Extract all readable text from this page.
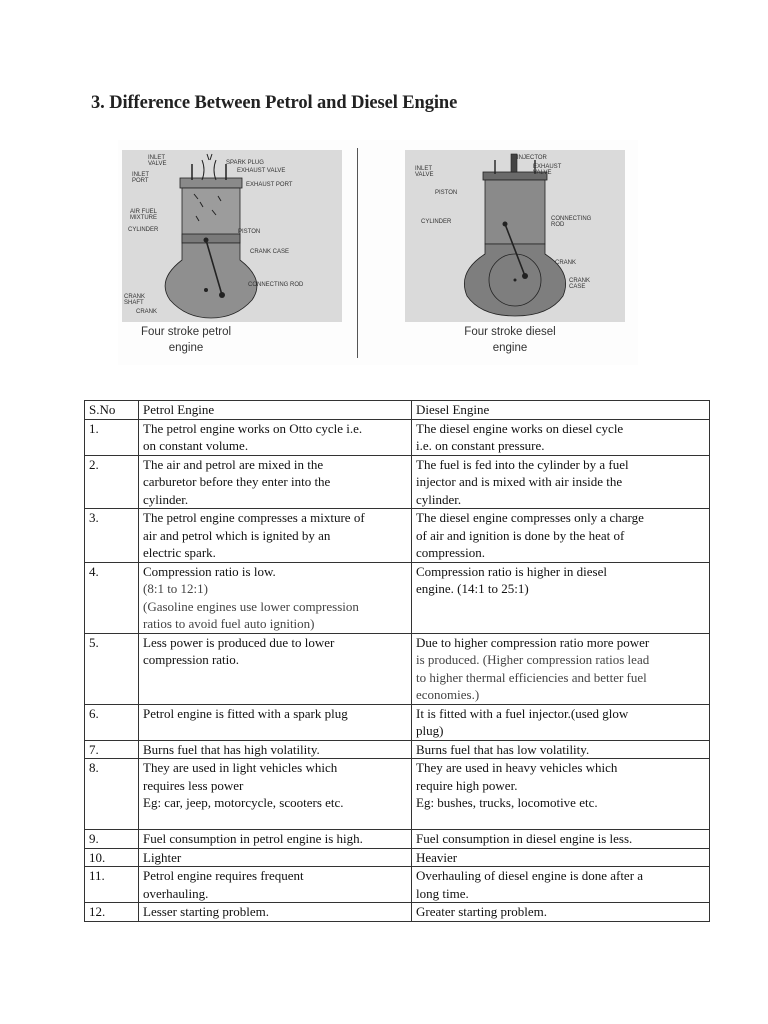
3. Difference Between Petrol and Diesel Engine
INLET
VALVE	SPARK PLUG
EXHAUST VALVE
INLET
PORT
EXHAUST PORT
AIR FUEL
MIXTURE
CYLINDER	PISTON
CRANK CASE
CONNECTING ROD
CRANK
SHAFT
CRANK
INJECTOR
EXHAUST
VALVE
INLET
VALVE
PISTON
CYLINDER	CONNECTING
ROD
CRANK
CRANK
CASE
Four stroke petrol
engine
Four stroke diesel
engine
S.No	Petrol Engine	Diesel Engine
1.	The petrol engine works on Otto cycle i.e.
on constant volume.	The diesel engine works on diesel cycle
i.e. on constant pressure.

2.	The air and petrol are mixed in the
carburetor before they enter into the
cylinder.	The fuel is fed into the cylinder by a fuel
injector and is mixed with air inside the
cylinder.

3.	The petrol engine compresses a mixture of
air and petrol which is ignited by an
electric spark.	The diesel engine compresses only a charge
of air and ignition is done by the heat of
compression.

4.	Compression ratio is low.
(8:1 to 12:1)
(Gasoline engines use lower compression
ratios to avoid fuel auto ignition)	Compression ratio is higher in diesel
engine. (14:1 to 25:1)

5.	Less power is produced due to lower
compression ratio.	Due to higher compression ratio more power
is produced. (Higher compression ratios lead
to higher thermal efficiencies and better fuel
economies.)

6.	Petrol engine is fitted with a spark plug	It is fitted with a fuel injector.(used glow
plug)

7.	Burns fuel that has high volatility.	Burns fuel that has low volatility.

8.	They are used in light vehicles which
requires less power
Eg: car, jeep, motorcycle, scooters etc.	They are used in heavy vehicles which
require high power.
Eg: bushes, trucks, locomotive etc.

9.	Fuel consumption in petrol engine is high.	Fuel consumption in diesel engine is less.

10.	Lighter	Heavier

11.	Petrol engine requires frequent
overhauling.	Overhauling of diesel engine is done after a
long time.

12.	Lesser starting problem.	Greater starting problem.
